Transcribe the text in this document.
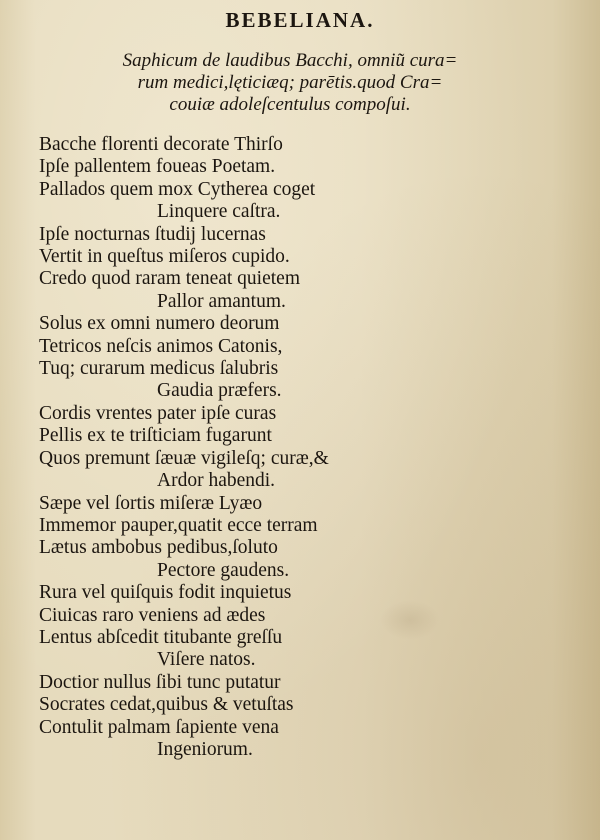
BEBELIANA.
Saphicum de laudibus Bacchi, omniu͂ cura=
rum medici,lęticiæq; parētis.quod Cra=
couiæ adoleſcentulus compoſui.
Bacche florenti decorate Thirſo
Ipſe pallentem foueas Poetam.
Pallados quem mox Cytherea coget
Linquere caſtra.
Ipſe nocturnas ſtudij lucernas
Vertit in queſtus miſeros cupido.
Credo quod raram teneat quietem
Pallor amantum.
Solus ex omni numero deorum
Tetricos neſcis animos Catonis,
Tuq; curarum medicus ſalubris
Gaudia præfers.
Cordis vrentes pater ipſe curas
Pellis ex te triſticiam fugarunt
Quos premunt ſæuæ vigileſq; curæ,&
Ardor habendi.
Sæpe vel ſortis miſeræ Lyæo
Immemor pauper,quatit ecce terram
Lætus ambobus pedibus,ſoluto
Pectore gaudens.
Rura vel quiſquis fodit inquietus
Ciuicas raro veniens ad ædes
Lentus abſcedit titubante greſſu
Viſere natos.
Doctior nullus ſibi tunc putatur
Socrates cedat,quibus & vetuſtas
Contulit palmam ſapiente vena
Ingeniorum.
